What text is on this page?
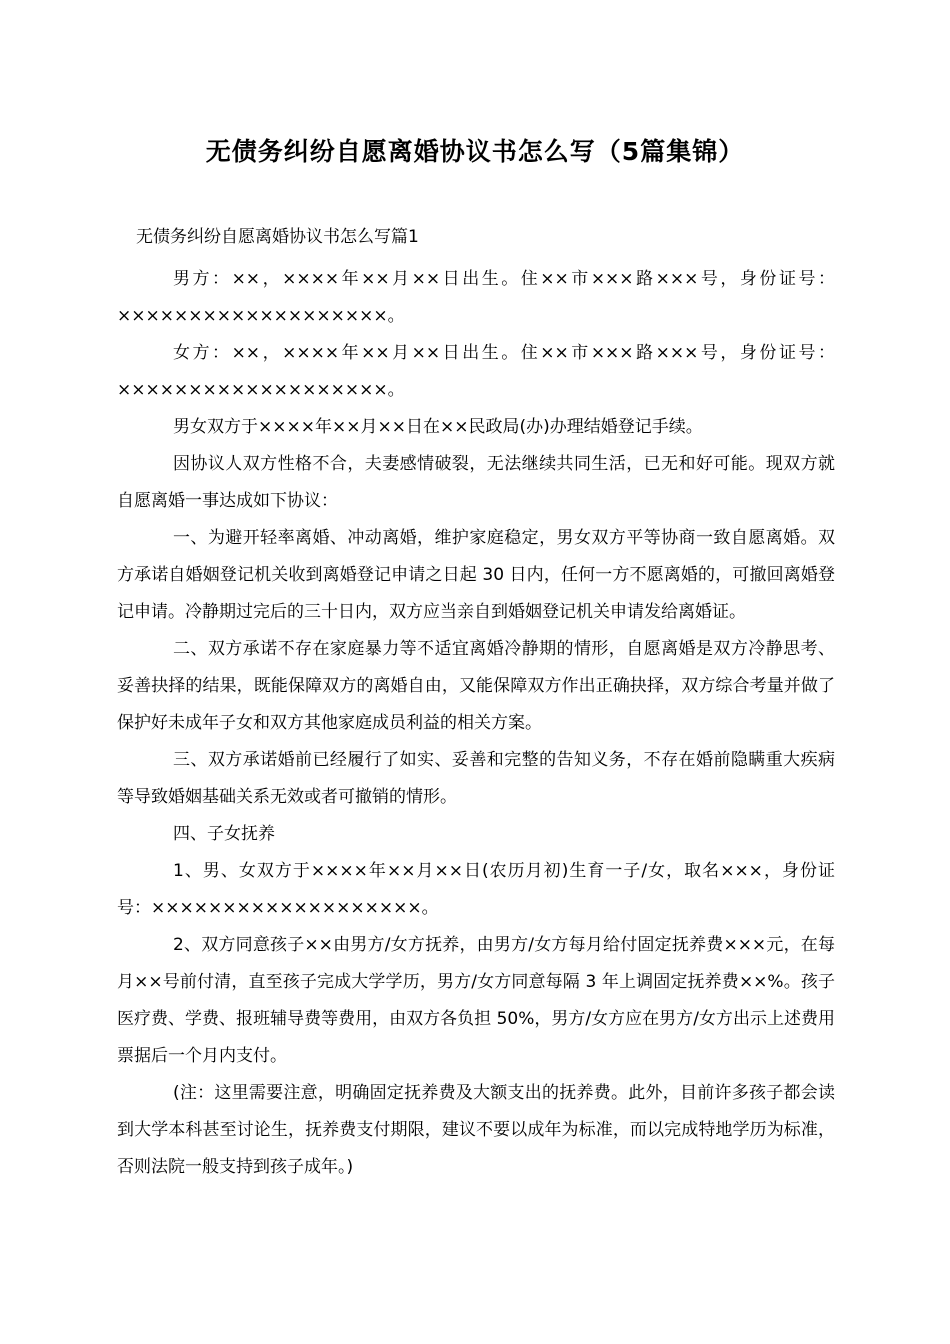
无债务纠纷自愿离婚协议书怎么写（5篇集锦）

无债务纠纷自愿离婚协议书怎么写篇1

男方：××，××××年××月××日出生。住××市×××路×××号，身份证号：×××××××××××××××××××。

女方：××，××××年××月××日出生。住××市×××路×××号，身份证号：×××××××××××××××××××。

男女双方于××××年××月××日在××民政局(办)办理结婚登记手续。

因协议人双方性格不合，夫妻感情破裂，无法继续共同生活，已无和好可能。现双方就自愿离婚一事达成如下协议：

一、为避开轻率离婚、冲动离婚，维护家庭稳定，男女双方平等协商一致自愿离婚。双方承诺自婚姻登记机关收到离婚登记申请之日起 30 日内，任何一方不愿离婚的，可撤回离婚登记申请。冷静期过完后的三十日内，双方应当亲自到婚姻登记机关申请发给离婚证。

二、双方承诺不存在家庭暴力等不适宜离婚冷静期的情形，自愿离婚是双方冷静思考、妥善抉择的结果，既能保障双方的离婚自由，又能保障双方作出正确抉择，双方综合考量并做了保护好未成年子女和双方其他家庭成员利益的相关方案。

三、双方承诺婚前已经履行了如实、妥善和完整的告知义务，不存在婚前隐瞒重大疾病等导致婚姻基础关系无效或者可撤销的情形。

四、子女抚养

1、男、女双方于××××年××月××日(农历月初)生育一子/女，取名×××，身份证号：×××××××××××××××××××。

2、双方同意孩子××由男方/女方抚养，由男方/女方每月给付固定抚养费×××元，在每月××号前付清，直至孩子完成大学学历，男方/女方同意每隔 3 年上调固定抚养费××%。孩子医疗费、学费、报班辅导费等费用，由双方各负担 50%，男方/女方应在男方/女方出示上述费用票据后一个月内支付。

(注：这里需要注意，明确固定抚养费及大额支出的抚养费。此外，目前许多孩子都会读到大学本科甚至讨论生，抚养费支付期限，建议不要以成年为标准，而以完成特地学历为标准，否则法院一般支持到孩子成年。)
